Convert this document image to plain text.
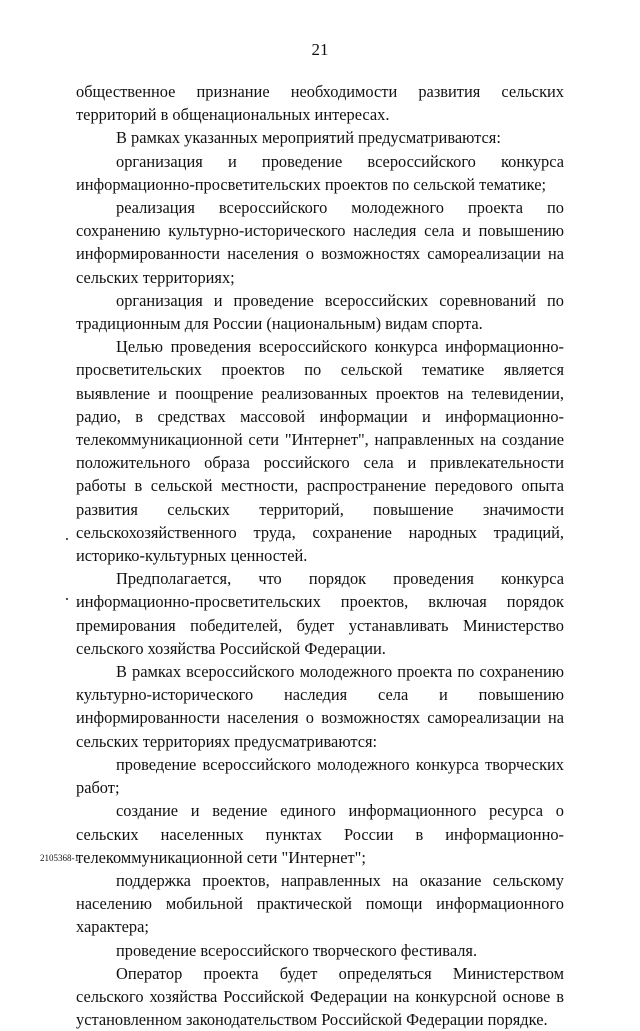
21

общественное признание необходимости развития сельских территорий в общенациональных интересах.

В рамках указанных мероприятий предусматриваются:

организация и проведение всероссийского конкурса информационно-просветительских проектов по сельской тематике;

реализация всероссийского молодежного проекта по сохранению культурно-исторического наследия села и повышению информированности населения о возможностях самореализации на сельских территориях;

организация и проведение всероссийских соревнований по традиционным для России (национальным) видам спорта.

Целью проведения всероссийского конкурса информационно-просветительских проектов по сельской тематике является выявление и поощрение реализованных проектов на телевидении, радио, в средствах массовой информации и информационно-телекоммуникационной сети "Интернет", направленных на создание положительного образа российского села и привлекательности работы в сельской местности, распространение передового опыта развития сельских территорий, повышение значимости сельскохозяйственного труда, сохранение народных традиций, историко-культурных ценностей.

Предполагается, что порядок проведения конкурса информационно-просветительских проектов, включая порядок премирования победителей, будет устанавливать Министерство сельского хозяйства Российской Федерации.

В рамках всероссийского молодежного проекта по сохранению культурно-исторического наследия села и повышению информированности населения о возможностях самореализации на сельских территориях предусматриваются:

проведение всероссийского молодежного конкурса творческих работ;

создание и ведение единого информационного ресурса о сельских населенных пунктах России в информационно-телекоммуникационной сети "Интернет";

поддержка проектов, направленных на оказание сельскому населению мобильной практической помощи информационного характера;

проведение всероссийского творческого фестиваля.

Оператор проекта будет определяться Министерством сельского хозяйства Российской Федерации на конкурсной основе в установленном законодательством Российской Федерации порядке.

2105368-1
